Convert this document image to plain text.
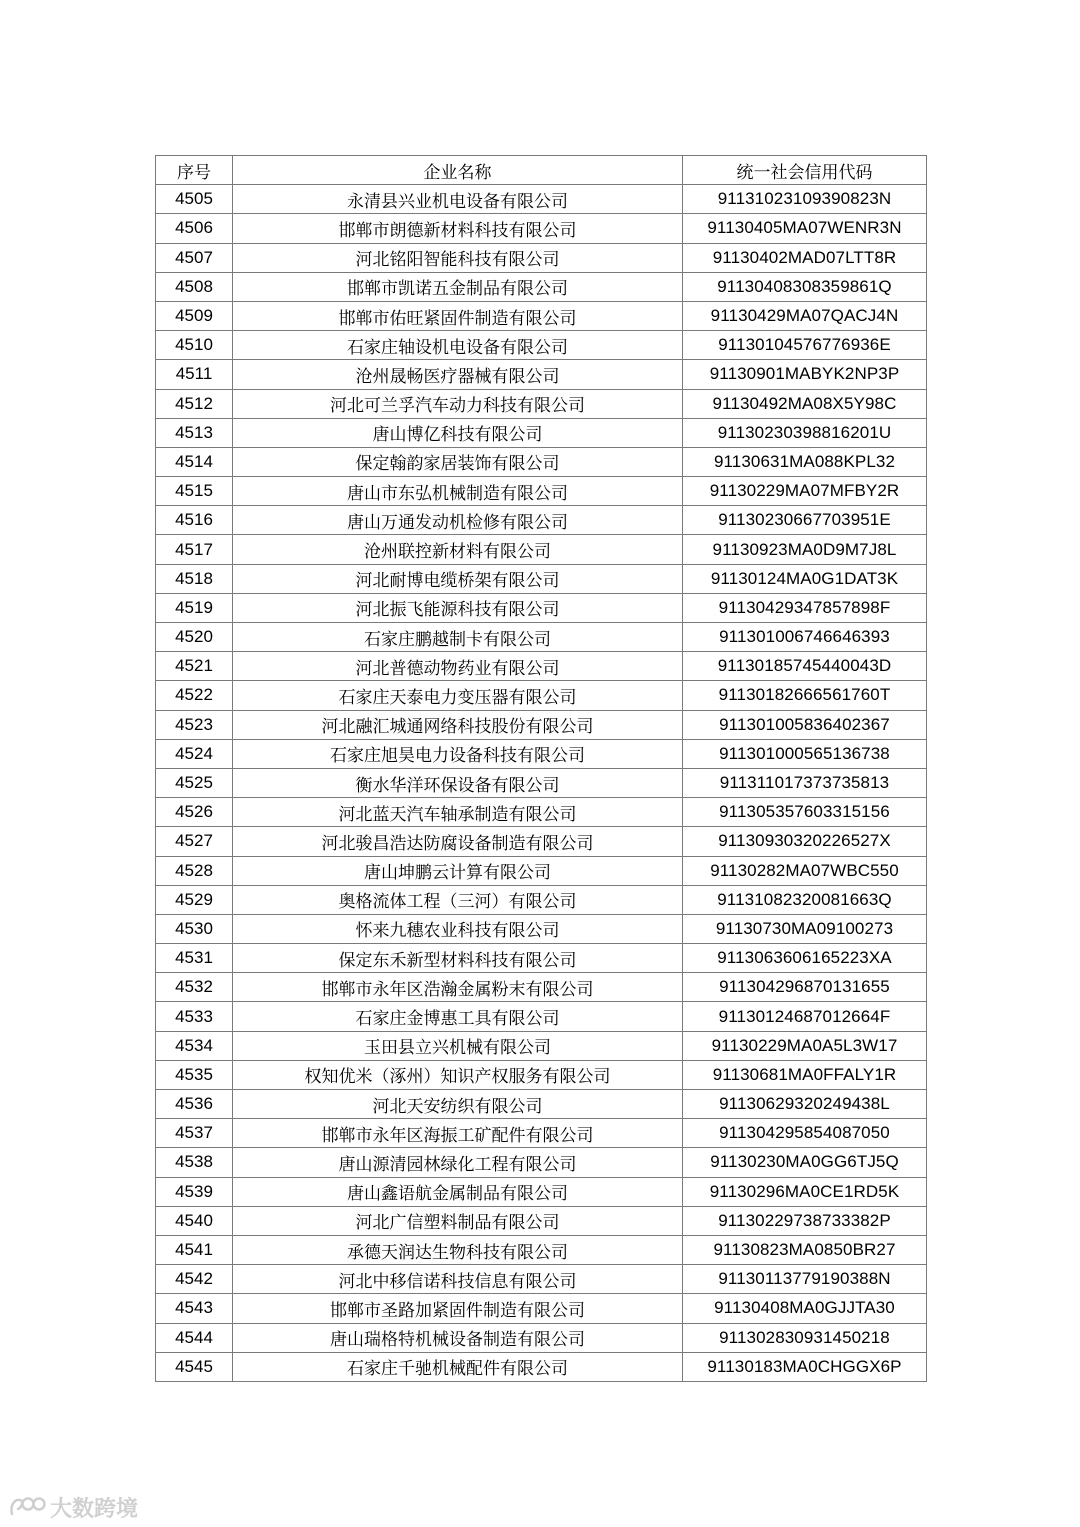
序号	企业名称	统一社会信用代码
4505	永清县兴业机电设备有限公司	91131023109390823N
4506	邯郸市朗德新材料科技有限公司	91130405MA07WENR3N
4507	河北铭阳智能科技有限公司	91130402MAD07LTT8R
4508	邯郸市凯诺五金制品有限公司	91130408308359861Q
4509	邯郸市佑旺紧固件制造有限公司	91130429MA07QACJ4N
4510	石家庄轴设机电设备有限公司	91130104576776936E
4511	沧州晟畅医疗器械有限公司	91130901MABYK2NP3P
4512	河北可兰孚汽车动力科技有限公司	91130492MA08X5Y98C
4513	唐山博亿科技有限公司	91130230398816201U
4514	保定翰韵家居装饰有限公司	91130631MA088KPL32
4515	唐山市东弘机械制造有限公司	91130229MA07MFBY2R
4516	唐山万通发动机检修有限公司	91130230667703951E
4517	沧州联控新材料有限公司	91130923MA0D9M7J8L
4518	河北耐博电缆桥架有限公司	91130124MA0G1DAT3K
4519	河北振飞能源科技有限公司	91130429347857898F
4520	石家庄鹏越制卡有限公司	911301006746646393
4521	河北普德动物药业有限公司	91130185745440043D
4522	石家庄天泰电力变压器有限公司	91130182666561760T
4523	河北融汇城通网络科技股份有限公司	911301005836402367
4524	石家庄旭昊电力设备科技有限公司	911301000565136738
4525	衡水华洋环保设备有限公司	911311017373735813
4526	河北蓝天汽车轴承制造有限公司	911305357603315156
4527	河北骏昌浩达防腐设备制造有限公司	91130930320226527X
4528	唐山坤鹏云计算有限公司	91130282MA07WBC550
4529	奥格流体工程（三河）有限公司	91131082320081663Q
4530	怀来九穗农业科技有限公司	91130730MA09100273
4531	保定东禾新型材料科技有限公司	9113063606165223XA
4532	邯郸市永年区浩瀚金属粉末有限公司	911304296870131655
4533	石家庄金博惠工具有限公司	91130124687012664F
4534	玉田县立兴机械有限公司	91130229MA0A5L3W17
4535	权知优米（涿州）知识产权服务有限公司	91130681MA0FFALY1R
4536	河北天安纺织有限公司	91130629320249438L
4537	邯郸市永年区海振工矿配件有限公司	911304295854087050
4538	唐山源清园林绿化工程有限公司	91130230MA0GG6TJ5Q
4539	唐山鑫语航金属制品有限公司	91130296MA0CE1RD5K
4540	河北广信塑料制品有限公司	91130229738733382P
4541	承德天润达生物科技有限公司	91130823MA0850BR27
4542	河北中移信诺科技信息有限公司	91130113779190388N
4543	邯郸市圣路加紧固件制造有限公司	91130408MA0GJJTA30
4544	唐山瑞格特机械设备制造有限公司	911302830931450218
4545	石家庄千驰机械配件有限公司	91130183MA0CHGGX6P
大数跨境
